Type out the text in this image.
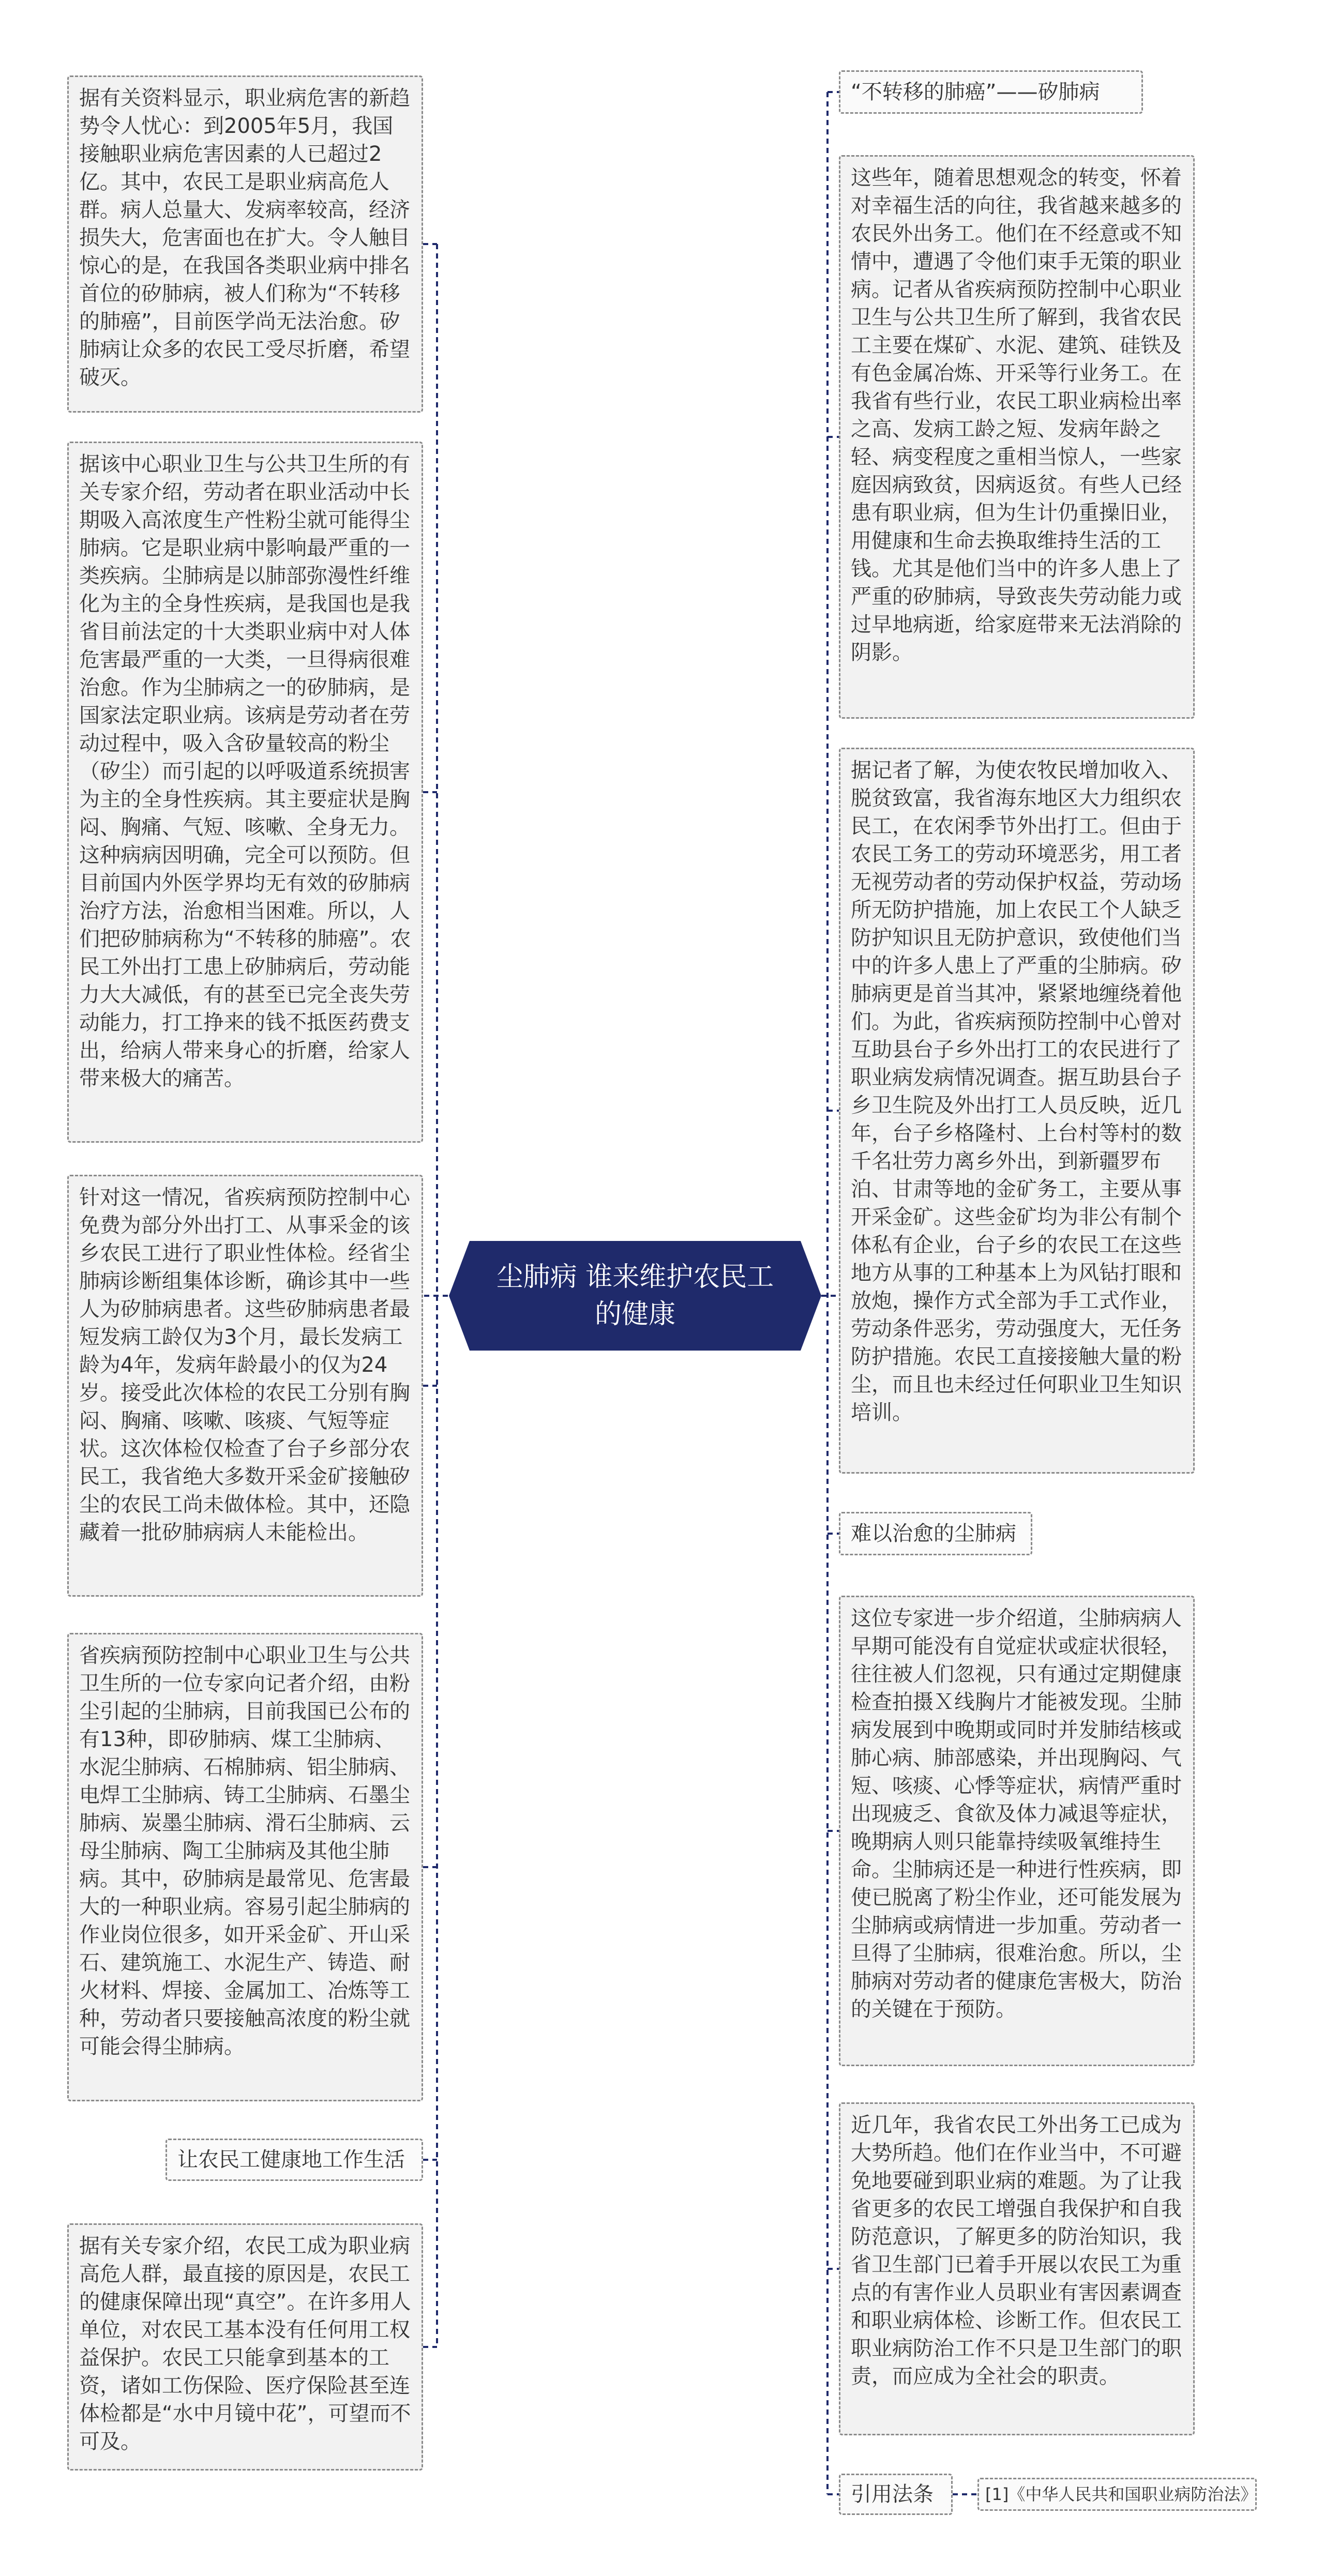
尘肺病 谁来维护农民工的健康
据有关资料显示，职业病危害的新趋势令人忧心：到2005年5月，我国接触职业病危害因素的人已超过2亿。其中，农民工是职业病高危人群。病人总量大、发病率较高，经济损失大，危害面也在扩大。令人触目惊心的是，在我国各类职业病中排名首位的矽肺病，被人们称为“不转移的肺癌”，目前医学尚无法治愈。矽肺病让众多的农民工受尽折磨，希望破灭。
据该中心职业卫生与公共卫生所的有关专家介绍，劳动者在职业活动中长期吸入高浓度生产性粉尘就可能得尘肺病。它是职业病中影响最严重的一类疾病。尘肺病是以肺部弥漫性纤维化为主的全身性疾病，是我国也是我省目前法定的十大类职业病中对人体危害最严重的一大类，一旦得病很难治愈。作为尘肺病之一的矽肺病，是国家法定职业病。该病是劳动者在劳动过程中，吸入含矽量较高的粉尘（矽尘）而引起的以呼吸道系统损害为主的全身性疾病。其主要症状是胸闷、胸痛、气短、咳嗽、全身无力。这种病病因明确，完全可以预防。但目前国内外医学界均无有效的矽肺病治疗方法，治愈相当困难。所以，人们把矽肺病称为“不转移的肺癌”。农民工外出打工患上矽肺病后，劳动能力大大减低，有的甚至已完全丧失劳动能力，打工挣来的钱不抵医药费支出，给病人带来身心的折磨，给家人带来极大的痛苦。
针对这一情况，省疾病预防控制中心免费为部分外出打工、从事采金的该乡农民工进行了职业性体检。经省尘肺病诊断组集体诊断，确诊其中一些人为矽肺病患者。这些矽肺病患者最短发病工龄仅为3个月，最长发病工龄为4年，发病年龄最小的仅为24岁。接受此次体检的农民工分别有胸闷、胸痛、咳嗽、咳痰、气短等症状。这次体检仅检查了台子乡部分农民工，我省绝大多数开采金矿接触矽尘的农民工尚未做体检。其中，还隐藏着一批矽肺病病人未能检出。
省疾病预防控制中心职业卫生与公共卫生所的一位专家向记者介绍，由粉尘引起的尘肺病，目前我国已公布的有13种，即矽肺病、煤工尘肺病、水泥尘肺病、石棉肺病、铝尘肺病、电焊工尘肺病、铸工尘肺病、石墨尘肺病、炭墨尘肺病、滑石尘肺病、云母尘肺病、陶工尘肺病及其他尘肺病。其中，矽肺病是最常见、危害最大的一种职业病。容易引起尘肺病的作业岗位很多，如开采金矿、开山采石、建筑施工、水泥生产、铸造、耐火材料、焊接、金属加工、冶炼等工种，劳动者只要接触高浓度的粉尘就可能会得尘肺病。
让农民工健康地工作生活
据有关专家介绍，农民工成为职业病高危人群，最直接的原因是，农民工的健康保障出现“真空”。在许多用人单位，对农民工基本没有任何用工权益保护。农民工只能拿到基本的工资，诸如工伤保险、医疗保险甚至连体检都是“水中月镜中花”，可望而不可及。
“不转移的肺癌”——矽肺病
这些年，随着思想观念的转变，怀着对幸福生活的向往，我省越来越多的农民外出务工。他们在不经意或不知情中，遭遇了令他们束手无策的职业病。记者从省疾病预防控制中心职业卫生与公共卫生所了解到，我省农民工主要在煤矿、水泥、建筑、硅铁及有色金属冶炼、开采等行业务工。在我省有些行业，农民工职业病检出率之高、发病工龄之短、发病年龄之轻、病变程度之重相当惊人，一些家庭因病致贫，因病返贫。有些人已经患有职业病，但为生计仍重操旧业，用健康和生命去换取维持生活的工钱。尤其是他们当中的许多人患上了严重的矽肺病，导致丧失劳动能力或过早地病逝，给家庭带来无法消除的阴影。
据记者了解，为使农牧民增加收入、脱贫致富，我省海东地区大力组织农民工，在农闲季节外出打工。但由于农民工务工的劳动环境恶劣，用工者无视劳动者的劳动保护权益，劳动场所无防护措施，加上农民工个人缺乏防护知识且无防护意识，致使他们当中的许多人患上了严重的尘肺病。矽肺病更是首当其冲，紧紧地缠绕着他们。为此，省疾病预防控制中心曾对互助县台子乡外出打工的农民进行了职业病发病情况调查。据互助县台子乡卫生院及外出打工人员反映，近几年，台子乡格隆村、上台村等村的数千名壮劳力离乡外出，到新疆罗布泊、甘肃等地的金矿务工，主要从事开采金矿。这些金矿均为非公有制个体私有企业，台子乡的农民工在这些地方从事的工种基本上为风钻打眼和放炮，操作方式全部为手工式作业，劳动条件恶劣，劳动强度大，无任务防护措施。农民工直接接触大量的粉尘，而且也未经过任何职业卫生知识培训。
难以治愈的尘肺病
这位专家进一步介绍道，尘肺病病人早期可能没有自觉症状或症状很轻，往往被人们忽视，只有通过定期健康检查拍摄Ｘ线胸片才能被发现。尘肺病发展到中晚期或同时并发肺结核或肺心病、肺部感染，并出现胸闷、气短、咳痰、心悸等症状，病情严重时出现疲乏、食欲及体力减退等症状，晚期病人则只能靠持续吸氧维持生命。尘肺病还是一种进行性疾病，即使已脱离了粉尘作业，还可能发展为尘肺病或病情进一步加重。劳动者一旦得了尘肺病，很难治愈。所以，尘肺病对劳动者的健康危害极大，防治的关键在于预防。
近几年，我省农民工外出务工已成为大势所趋。他们在作业当中，不可避免地要碰到职业病的难题。为了让我省更多的农民工增强自我保护和自我防范意识，了解更多的防治知识，我省卫生部门已着手开展以农民工为重点的有害作业人员职业有害因素调查和职业病体检、诊断工作。但农民工职业病防治工作不只是卫生部门的职责，而应成为全社会的职责。
引用法条	[1]《中华人民共和国职业病防治法》
